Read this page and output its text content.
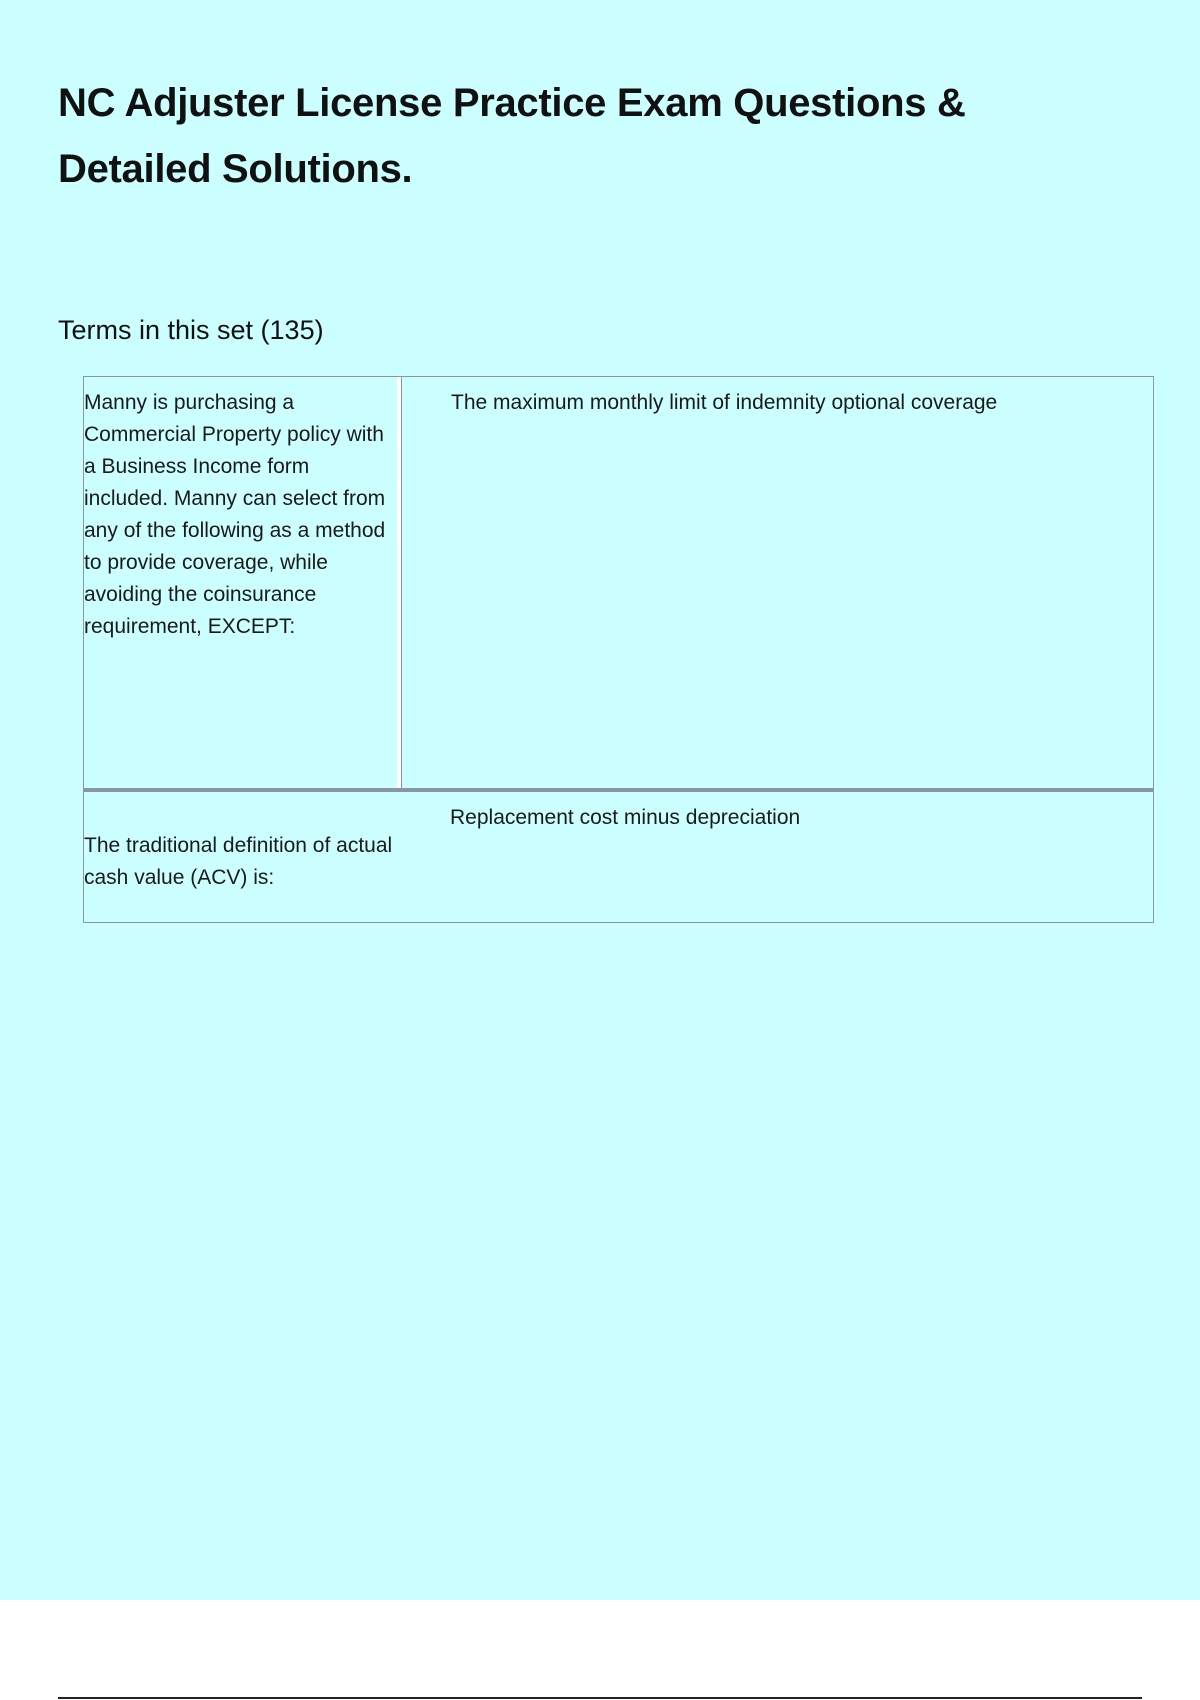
NC Adjuster License Practice Exam Questions & Detailed Solutions.
Terms in this set (135)
Manny is purchasing a Commercial Property policy with a Business Income form included. Manny can select from any of the following as a method to provide coverage, while avoiding the coinsurance requirement, EXCEPT:
The maximum monthly limit of indemnity optional coverage
The traditional definition of actual cash value (ACV) is:
Replacement cost minus depreciation
